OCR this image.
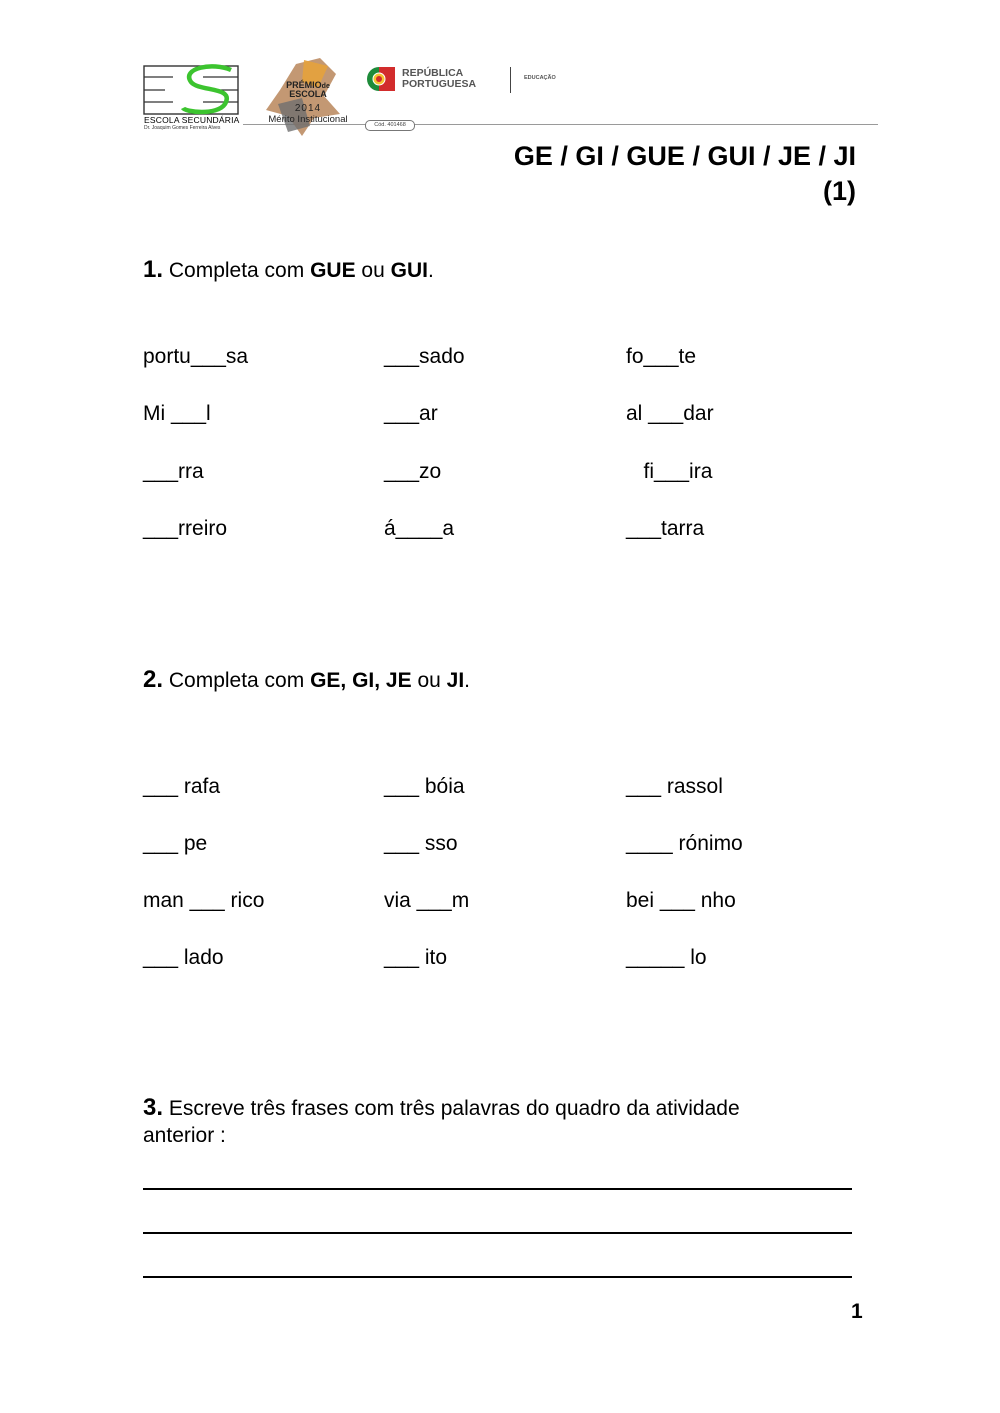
ESCOLA SECUNDÁRIA
Dr. Joaquim Gomes Ferreira Alves
PRÉMIOde
ESCOLA
2014
Mérito Institucional
REPÚBLICA
PORTUGUESA	EDUCAÇÃO
Cód. 401468
GE / GI / GUE / GUI / JE / JI
(1)
1. Completa com GUE ou GUI.
portu___sa	___sado	fo___te
Mi ___l	___ar	al ___dar
___rra	___zo	fi___ira
___rreiro	á____a	___tarra
2. Completa com GE, GI, JE ou JI.
___ rafa	___ bóia	___ rassol
___ pe	___ sso	____ rónimo
man ___ rico	via ___m	bei ___ nho
___ lado	___ ito	_____ lo
3. Escreve três frases com três palavras do quadro da atividade
anterior :
1
